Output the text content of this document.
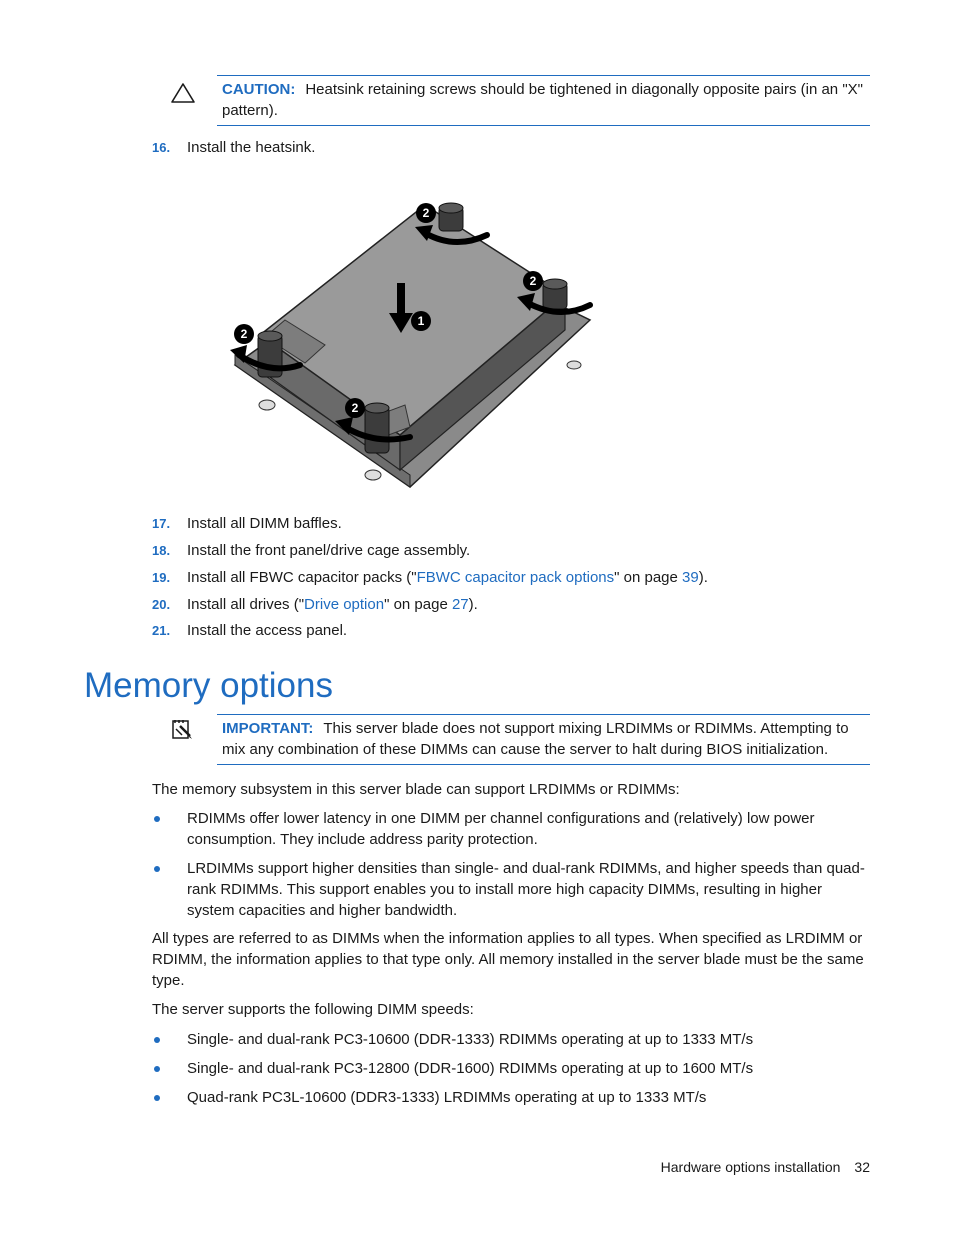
CAUTION: Heatsink retaining screws should be tightened in diagonally opposite pairs (in an "X" pattern).
16. Install the heatsink.
2
2
1
2
2
17. Install all DIMM baffles.
18. Install the front panel/drive cage assembly.
19. Install all FBWC capacitor packs ("FBWC capacitor pack options" on page 39).
20. Install all drives ("Drive option" on page 27).
21. Install the access panel.
Memory options
IMPORTANT: This server blade does not support mixing LRDIMMs or RDIMMs. Attempting to mix any combination of these DIMMs can cause the server to halt during BIOS initialization.
The memory subsystem in this server blade can support LRDIMMs or RDIMMs:
RDIMMs offer lower latency in one DIMM per channel configurations and (relatively) low power consumption. They include address parity protection.
LRDIMMs support higher densities than single- and dual-rank RDIMMs, and higher speeds than quad-rank RDIMMs. This support enables you to install more high capacity DIMMs, resulting in higher system capacities and higher bandwidth.
All types are referred to as DIMMs when the information applies to all types. When specified as LRDIMM or RDIMM, the information applies to that type only. All memory installed in the server blade must be the same type.
The server supports the following DIMM speeds:
Single- and dual-rank PC3-10600 (DDR-1333) RDIMMs operating at up to 1333 MT/s
Single- and dual-rank PC3-12800 (DDR-1600) RDIMMs operating at up to 1600 MT/s
Quad-rank PC3L-10600 (DDR3-1333) LRDIMMs operating at up to 1333 MT/s
Hardware options installation 32
